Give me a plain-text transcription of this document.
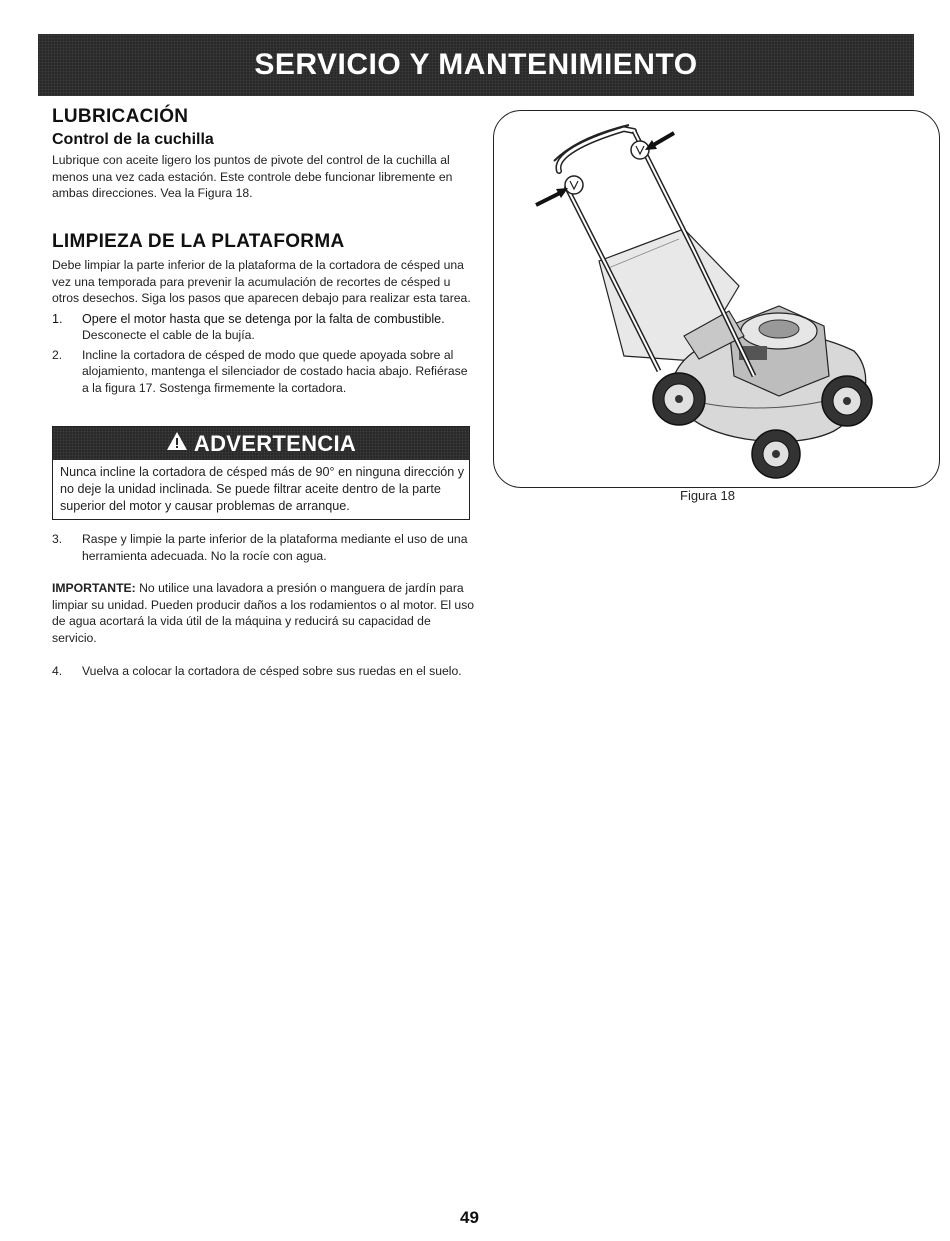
SERVICIO Y MANTENIMIENTO
LUBRICACIÓN
Control de la cuchilla

Lubrique con aceite ligero los puntos de pivote del control de la cuchilla al menos una vez cada estación. Este controle debe funcionar libremente en ambas direcciones. Vea la Figura 18.

LIMPIEZA DE LA PLATAFORMA

Debe limpiar la parte inferior de la plataforma de la cortadora de césped una vez una temporada para prevenir la acumulación de recortes de césped u otros desechos. Siga los pasos que aparecen debajo para realizar esta tarea.

1.	Opere el motor hasta que se detenga por la falta de combustible.

Desconecte el cable de la bujía.

2.	Incline la cortadora de césped de modo que quede apoyada sobre al alojamiento, mantenga el silenciador de costado hacia abajo. Refiérase a la figura 17. Sostenga firmemente la cortadora.

ADVERTENCIA

Nunca incline la cortadora de césped más de 90° en ninguna dirección y no deje la unidad inclinada. Se puede filtrar aceite dentro de la parte superior del motor y causar problemas de arranque.

3.	Raspe y limpie la parte inferior de la plataforma mediante el uso de una herramienta adecuada. No la rocíe con agua.

IMPORTANTE: No utilice una lavadora a presión o manguera de jardín para limpiar su unidad. Pueden producir daños a los rodamientos o al motor. El uso de agua acortará la vida útil de la máquina y reducirá su capacidad de servicio.

4.	Vuelva a colocar la cortadora de césped sobre sus ruedas en el suelo.

Figura 18
49
